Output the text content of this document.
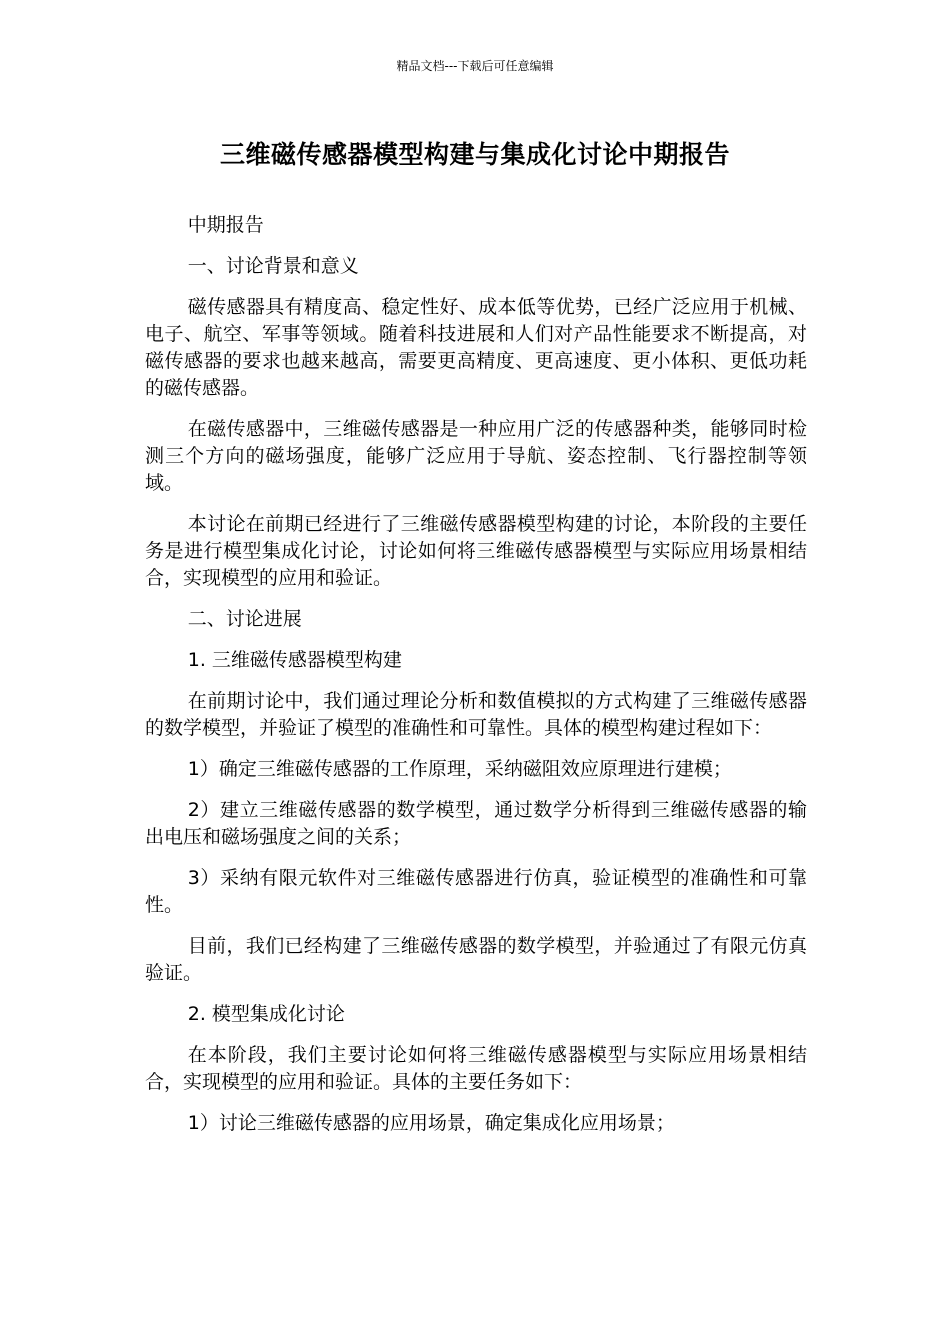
精品文档---下载后可任意编辑
三维磁传感器模型构建与集成化讨论中期报告

中期报告

一、讨论背景和意义

磁传感器具有精度高、稳定性好、成本低等优势，已经广泛应用于机械、电子、航空、军事等领域。随着科技进展和人们对产品性能要求不断提高，对磁传感器的要求也越来越高，需要更高精度、更高速度、更小体积、更低功耗的磁传感器。

在磁传感器中，三维磁传感器是一种应用广泛的传感器种类，能够同时检测三个方向的磁场强度，能够广泛应用于导航、姿态控制、飞行器控制等领域。

本讨论在前期已经进行了三维磁传感器模型构建的讨论，本阶段的主要任务是进行模型集成化讨论，讨论如何将三维磁传感器模型与实际应用场景相结合，实现模型的应用和验证。

二、讨论进展

1. 三维磁传感器模型构建

在前期讨论中，我们通过理论分析和数值模拟的方式构建了三维磁传感器的数学模型，并验证了模型的准确性和可靠性。具体的模型构建过程如下：

1）确定三维磁传感器的工作原理，采纳磁阻效应原理进行建模；

2）建立三维磁传感器的数学模型，通过数学分析得到三维磁传感器的输出电压和磁场强度之间的关系；

3）采纳有限元软件对三维磁传感器进行仿真，验证模型的准确性和可靠性。

目前，我们已经构建了三维磁传感器的数学模型，并验通过了有限元仿真验证。

2. 模型集成化讨论

在本阶段，我们主要讨论如何将三维磁传感器模型与实际应用场景相结合，实现模型的应用和验证。具体的主要任务如下：

1）讨论三维磁传感器的应用场景，确定集成化应用场景；
